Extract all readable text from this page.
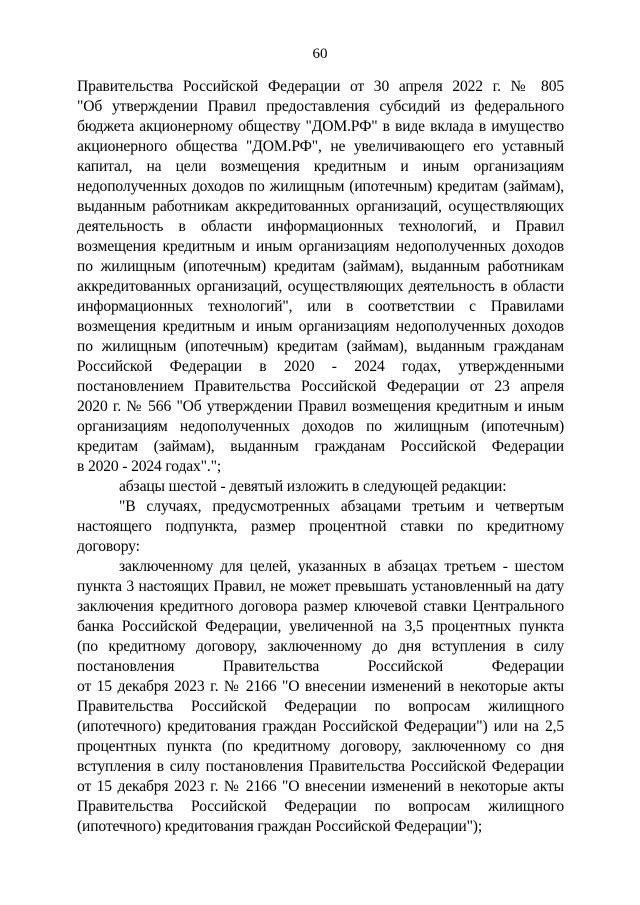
60

Правительства Российской Федерации от 30 апреля 2022 г. № 805
"Об утверждении Правил предоставления субсидий из федерального
бюджета акционерному обществу "ДОМ.РФ" в виде вклада в имущество
акционерного общества "ДОМ.РФ", не увеличивающего его уставный
капитал, на цели возмещения кредитным и иным организациям
недополученных доходов по жилищным (ипотечным) кредитам (займам),
выданным работникам аккредитованных организаций, осуществляющих
деятельность в области информационных технологий, и Правил
возмещения кредитным и иным организациям недополученных доходов
по жилищным (ипотечным) кредитам (займам), выданным работникам
аккредитованных организаций, осуществляющих деятельность в области
информационных технологий", или в соответствии с Правилами
возмещения кредитным и иным организациям недополученных доходов
по жилищным (ипотечным) кредитам (займам), выданным гражданам
Российской Федерации в 2020 - 2024 годах, утвержденными
постановлением Правительства Российской Федерации от 23 апреля
2020 г. № 566 "Об утверждении Правил возмещения кредитным и иным
организациям недополученных доходов по жилищным (ипотечным)
кредитам (займам), выданным гражданам Российской Федерации
в 2020 - 2024 годах".";

абзацы шестой - девятый изложить в следующей редакции:

"В случаях, предусмотренных абзацами третьим и четвертым
настоящего подпункта, размер процентной ставки по кредитному
договору:

заключенному для целей, указанных в абзацах третьем - шестом
пункта 3 настоящих Правил, не может превышать установленный на дату
заключения кредитного договора размер ключевой ставки Центрального
банка Российской Федерации, увеличенной на 3,5 процентных пункта
(по кредитному договору, заключенному до дня вступления в силу
постановления Правительства Российской Федерации
от 15 декабря 2023 г. № 2166 "О внесении изменений в некоторые акты
Правительства Российской Федерации по вопросам жилищного
(ипотечного) кредитования граждан Российской Федерации") или на 2,5
процентных пункта (по кредитному договору, заключенному со дня
вступления в силу постановления Правительства Российской Федерации
от 15 декабря 2023 г. № 2166 "О внесении изменений в некоторые акты
Правительства Российской Федерации по вопросам жилищного
(ипотечного) кредитования граждан Российской Федерации");
